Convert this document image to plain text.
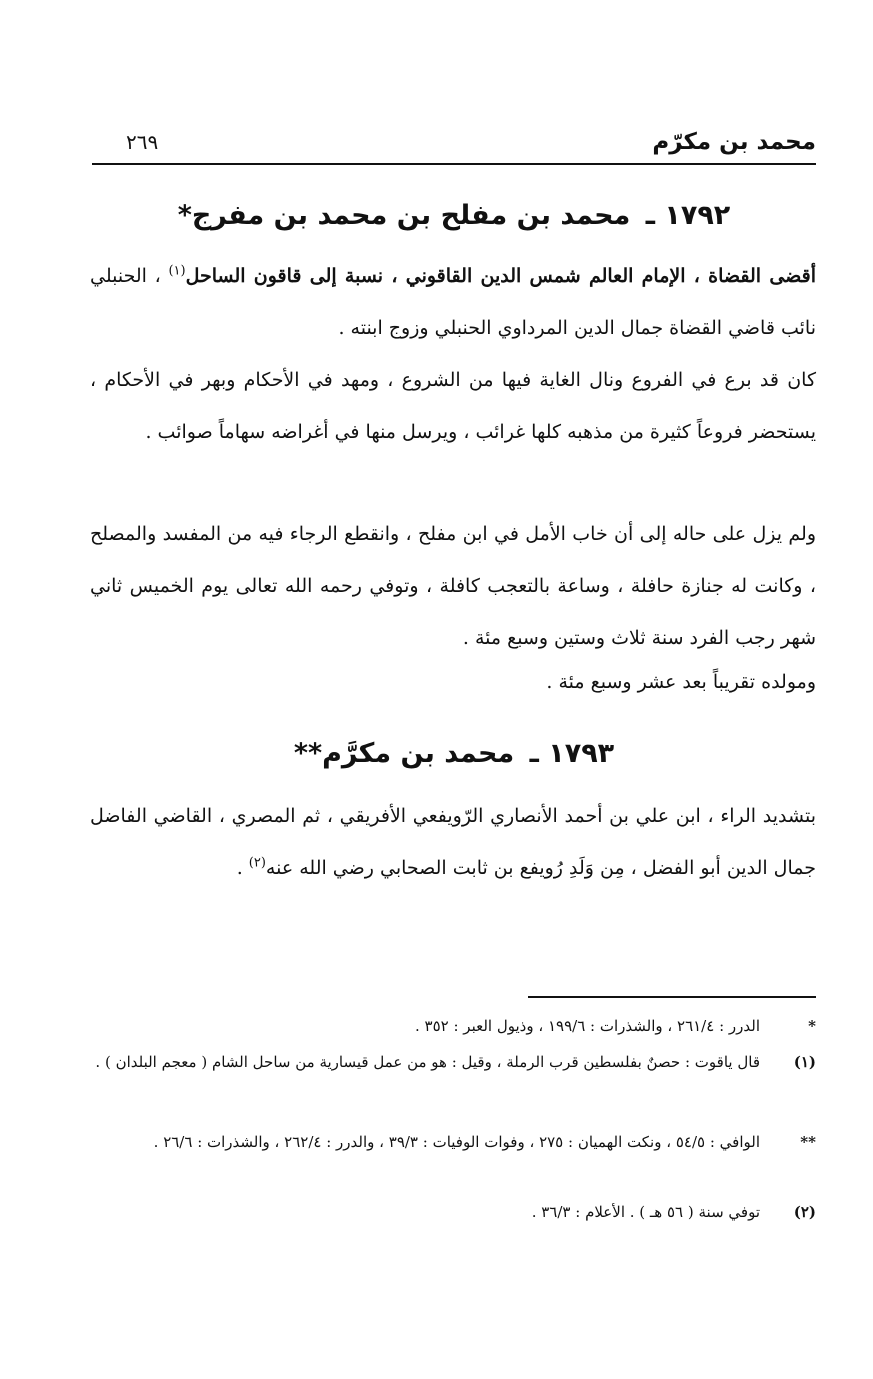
محمد بن مكرّم
٢٦٩
١٧٩٢ ـ محمد بن مفلح بن محمد بن مفرج*

أقضى القضاة ، الإمام العالم شمس الدين القاقوني ، نسبة إلى قاقون الساحل$^{(١)}$ ، الحنبلي نائب قاضي القضاة جمال الدين المرداوي الحنبلي وزوج ابنته .

كان قد برع في الفروع ونال الغاية فيها من الشروع ، ومهد في الأحكام وبهر في الأحكام ، يستحضر فروعاً كثيرة من مذهبه كلها غرائب ، ويرسل منها في أغراضه سهاماً صوائب .

ولم يزل على حاله إلى أن خاب الأمل في ابن مفلح ، وانقطع الرجاء فيه من المفسد والمصلح ، وكانت له جنازة حافلة ، وساعة بالتعجب كافلة ، وتوفي رحمه الله تعالى يوم الخميس ثاني شهر رجب الفرد سنة ثلاث وستين وسبع مئة .

ومولده تقريباً بعد عشر وسبع مئة .

١٧٩٣ ـ محمد بن مكرَّم**

بتشديد الراء ، ابن علي بن أحمد الأنصاري الرّويفعي الأفريقي ، ثم المصري ، القاضي الفاضل جمال الدين أبو الفضل ، مِن وَلَدِ رُويفع بن ثابت الصحابي رضي الله عنه$^{(٢)}$ .

*
الدرر : ٢٦١/٤ ، والشذرات : ١٩٩/٦ ، وذيول العبر : ٣٥٢ .
(١)
قال ياقوت : حصنٌ بفلسطين قرب الرملة ، وقيل : هو من عمل قيسارية من ساحل الشام ( معجم البلدان ) .
**
الوافي : ٥٤/٥ ، ونكت الهميان : ٢٧٥ ، وفوات الوفيات : ٣٩/٣ ، والدرر : ٢٦٢/٤ ، والشذرات : ٢٦/٦ .
(٢)
توفي سنة ( ٥٦ هـ ) . الأعلام : ٣٦/٣ .
